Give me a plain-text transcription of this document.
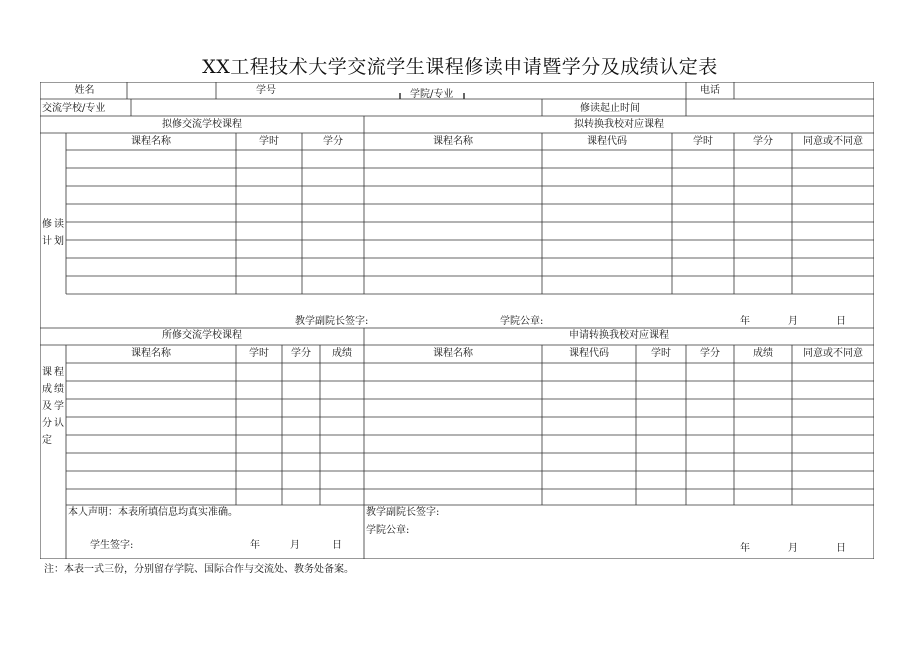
XX工程技术大学交流学生课程修读申请暨学分及成绩认定表
姓名	学号	学院/专业	电话
交流学校/专业	修读起止时间
拟修交流学校课程	拟转换我校对应课程
课程名称	学时	学分	课程名称	课程代码	学时	学分	同意或不同意
修读
计划
教学副院长签字:	学院公章:	年	月	日
所修交流学校课程	申请转换我校对应课程
课程名称	学时	学分	成绩	课程名称	课程代码	学时	学分	成绩	同意或不同意
课程
成绩
及学
分认
定
本人声明：本表所填信息均真实准确。
学生签字:	年	月	日
教学副院长签字:
学院公章:
年	月	日
注：本表一式三份，分别留存学院、国际合作与交流处、教务处备案。
